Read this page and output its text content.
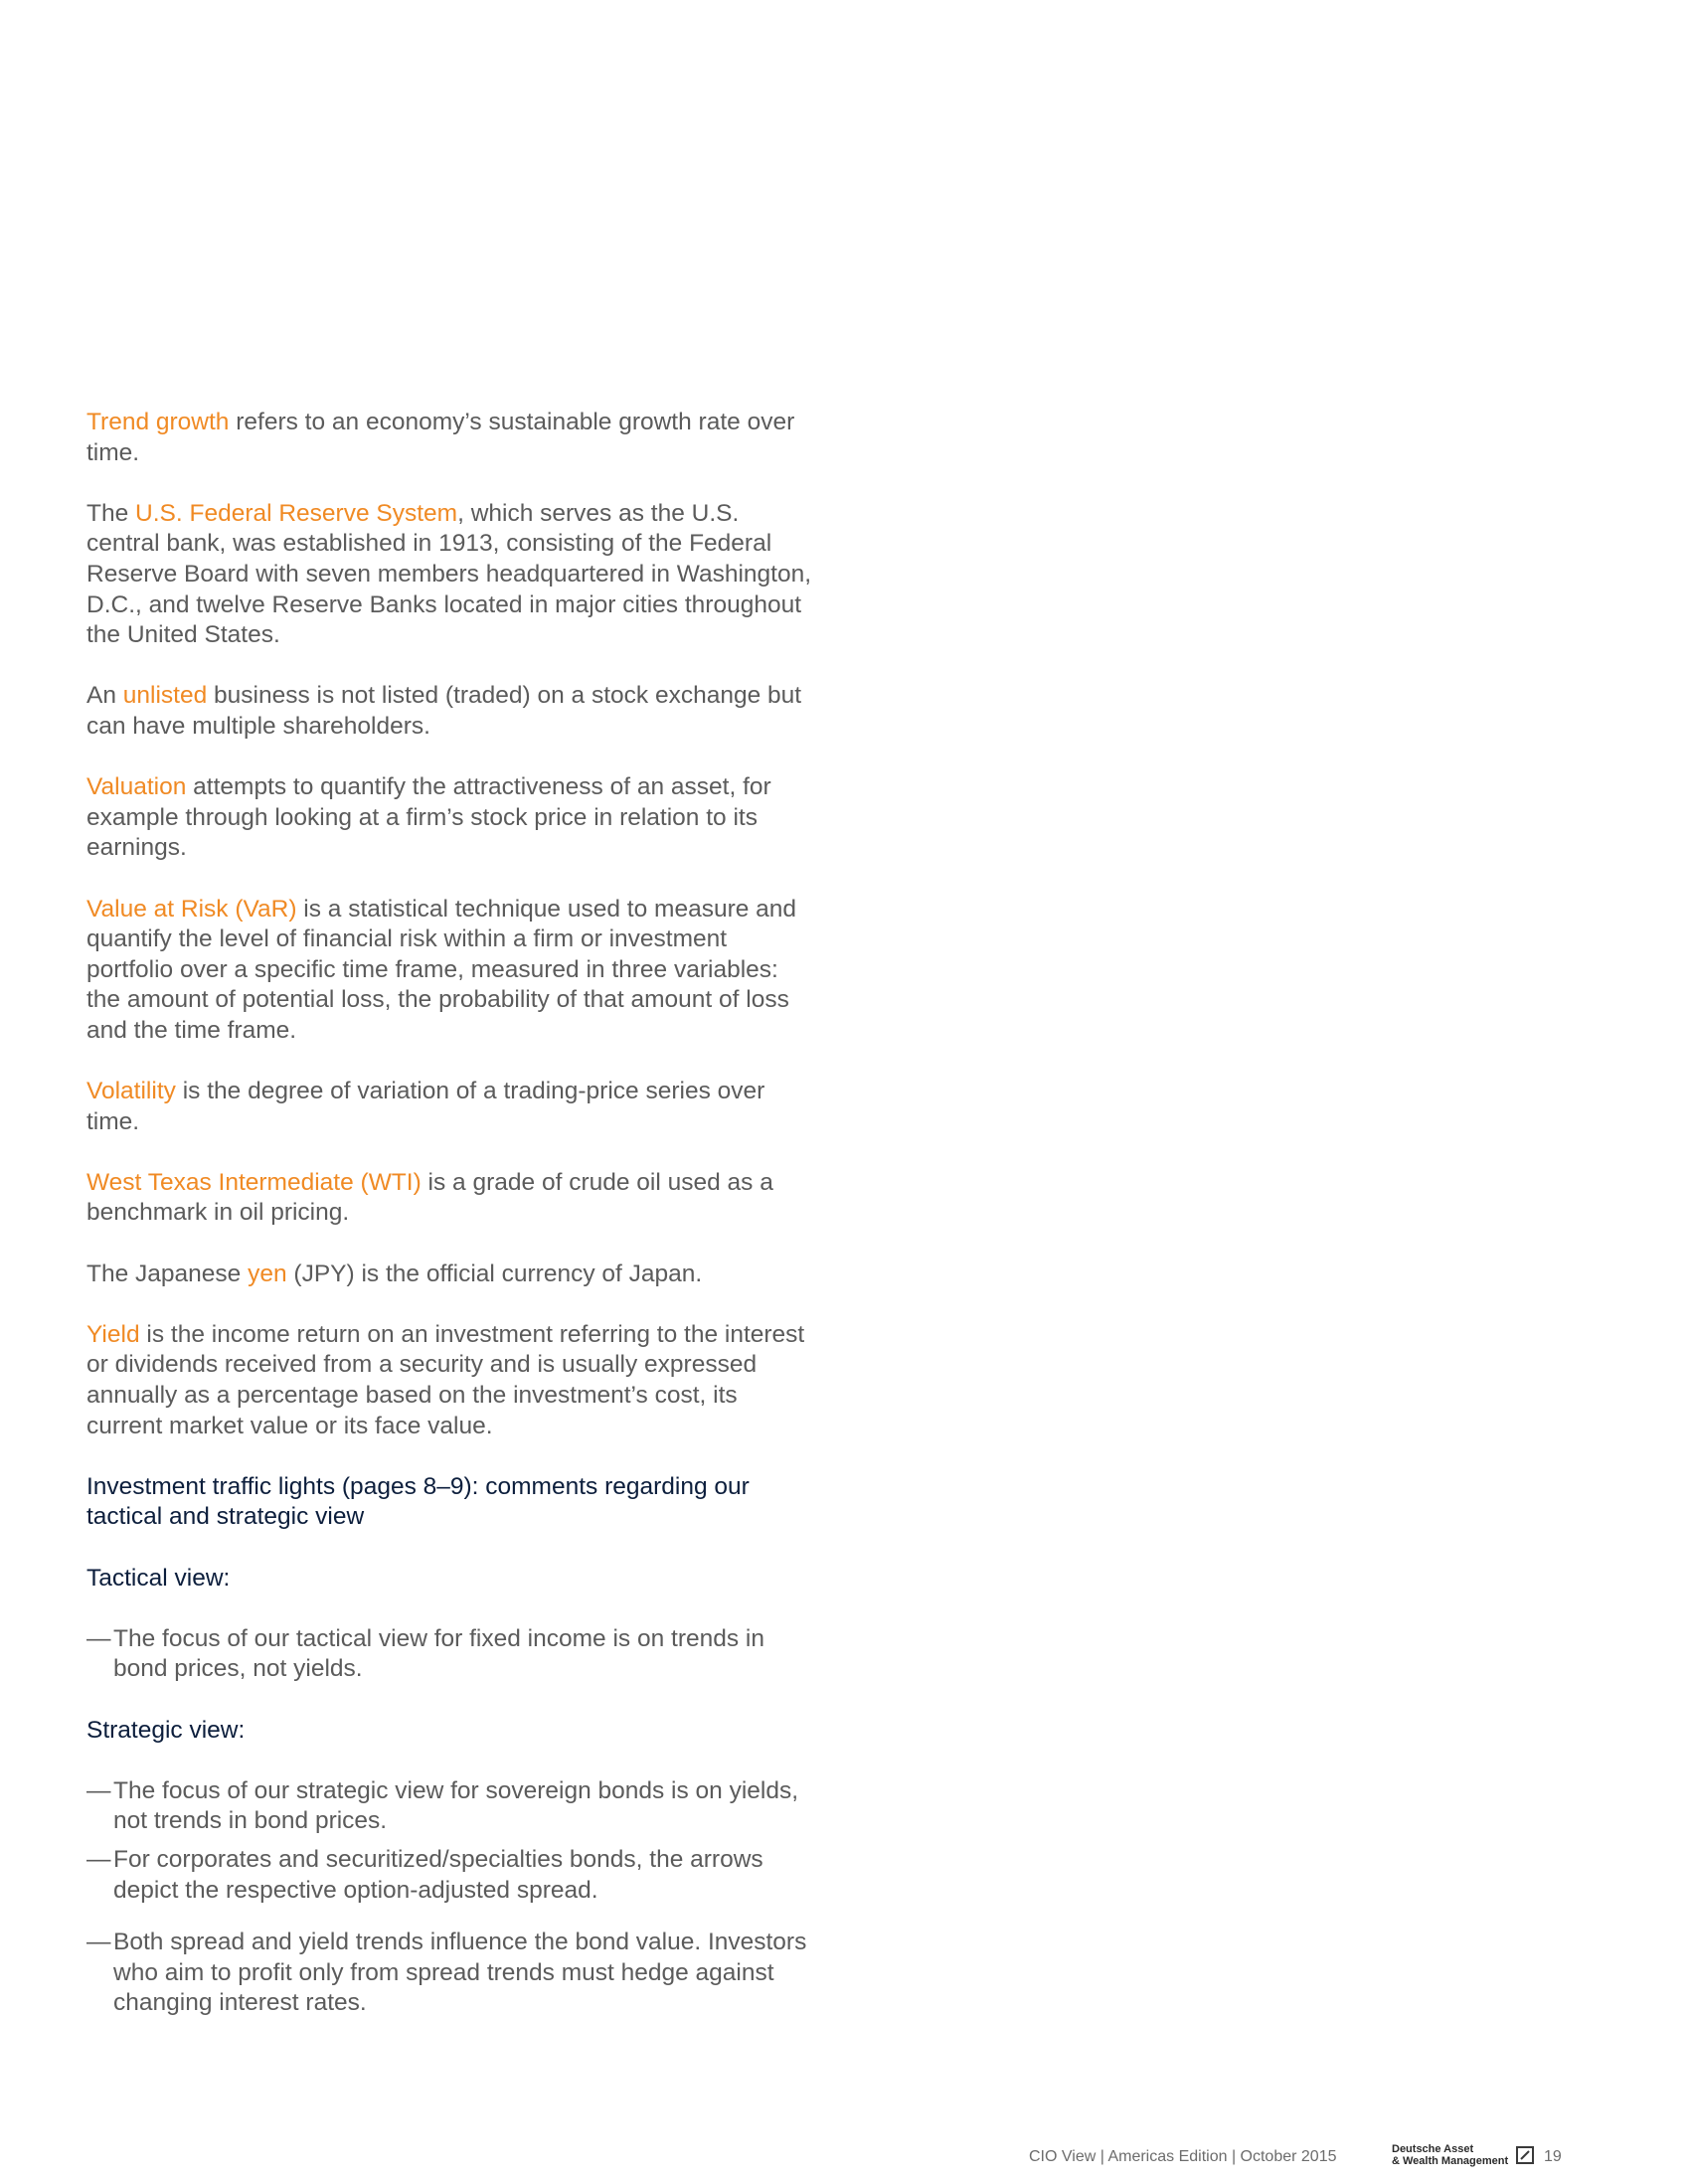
Trend growth refers to an economy’s sustainable growth rate over time.

The U.S. Federal Reserve System, which serves as the U.S. central bank, was established in 1913, consisting of the Federal Reserve Board with seven members headquartered in Washington, D.C., and twelve Reserve Banks located in major cities throughout the United States.

An unlisted business is not listed (traded) on a stock exchange but can have multiple shareholders.

Valuation attempts to quantify the attractiveness of an asset, for example through looking at a firm’s stock price in relation to its earnings.

Value at Risk (VaR) is a statistical technique used to measure and quantify the level of financial risk within a firm or investment portfolio over a specific time frame, measured in three variables: the amount of potential loss, the probability of that amount of loss and the time frame.

Volatility is the degree of variation of a trading-price series over time.

West Texas Intermediate (WTI) is a grade of crude oil used as a benchmark in oil pricing.

The Japanese yen (JPY) is the official currency of Japan.

Yield is the income return on an investment referring to the interest or dividends received from a security and is usually expressed annually as a percentage based on the investment’s cost, its current market value or its face value.

Investment traffic lights (pages 8–9): comments regarding our tactical and strategic view

Tactical view:

— The focus of our tactical view for fixed income is on trends in bond prices, not yields.

Strategic view:

— The focus of our strategic view for sovereign bonds is on yields, not trends in bond prices.
— For corporates and securitized/specialties bonds, the arrows depict the respective option-adjusted spread.
— Both spread and yield trends influence the bond value. Investors who aim to profit only from spread trends must hedge against changing interest rates.
CIO View | Americas Edition | October 2015	Deutsche Asset
& Wealth Management	19
